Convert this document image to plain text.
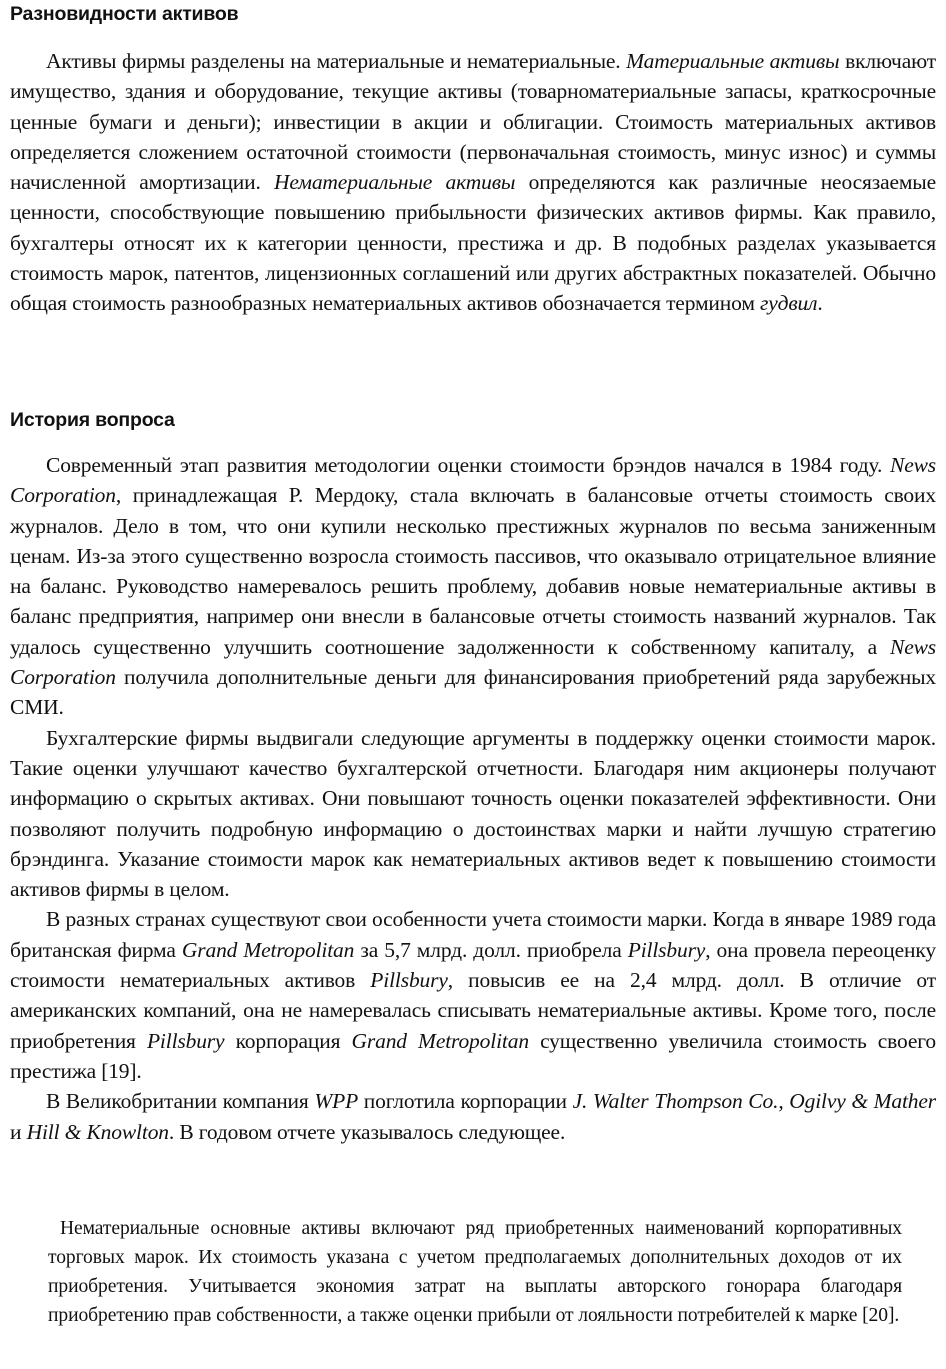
Разновидности активов

Активы фирмы разделены на материальные и нематериальные. Материальные активы включают имущество, здания и оборудование, текущие активы (товарноматериальные запасы, краткосрочные ценные бумаги и деньги); инвестиции в акции и облигации. Стоимость материальных активов определяется сложением остаточной стоимости (первоначальная стоимость, минус износ) и суммы начисленной амортизации. Нематериальные активы определяются как различные неосязаемые ценности, способствующие повышению прибыльности физических активов фирмы. Как правило, бухгалтеры относят их к категории ценности, престижа и др. В подобных разделах указывается стоимость марок, патентов, лицензионных соглашений или других абстрактных показателей. Обычно общая стоимость разнообразных нематериальных активов обозначается термином гудвил.

История вопроса

Современный этап развития методологии оценки стоимости брэндов начался в 1984 году. News Corporation, принадлежащая Р. Мердоку, стала включать в балансовые отчеты стоимость своих журналов. Дело в том, что они купили несколько престижных журналов по весьма заниженным ценам. Из-за этого существенно возросла стоимость пассивов, что оказывало отрицательное влияние на баланс. Руководство намеревалось решить проблему, добавив новые нематериальные активы в баланс предприятия, например они внесли в балансовые отчеты стоимость названий журналов. Так удалось существенно улучшить соотношение задолженности к собственному капиталу, а News Corporation получила дополнительные деньги для финансирования приобретений ряда зарубежных СМИ.

Бухгалтерские фирмы выдвигали следующие аргументы в поддержку оценки стоимости марок. Такие оценки улучшают качество бухгалтерской отчетности. Благодаря ним акционеры получают информацию о скрытых активах. Они повышают точность оценки показателей эффективности. Они позволяют получить подробную информацию о достоинствах марки и найти лучшую стратегию брэндинга. Указание стоимости марок как нематериальных активов ведет к повышению стоимости активов фирмы в целом.

В разных странах существуют свои особенности учета стоимости марки. Когда в январе 1989 года британская фирма Grand Metropolitan за 5,7 млрд. долл. приобрела Pillsbury, она провела переоценку стоимости нематериальных активов Pillsbury, повысив ее на 2,4 млрд. долл. В отличие от американских компаний, она не намеревалась списывать нематериальные активы. Кроме того, после приобретения Pillsbury корпорация Grand Metropolitan существенно увеличила стоимость своего престижа [19].

В Великобритании компания WPP поглотила корпорации J. Walter Thompson Co., Ogilvy & Mather и Hill & Knowlton. В годовом отчете указывалось следующее.

Нематериальные основные активы включают ряд приобретенных наименований корпоративных торговых марок. Их стоимость указана с учетом предполагаемых дополнительных доходов от их приобретения. Учитывается экономия затрат на выплаты авторского гонорара благодаря приобретению прав собственности, а также оценки прибыли от лояльности потребителей к марке [20].
